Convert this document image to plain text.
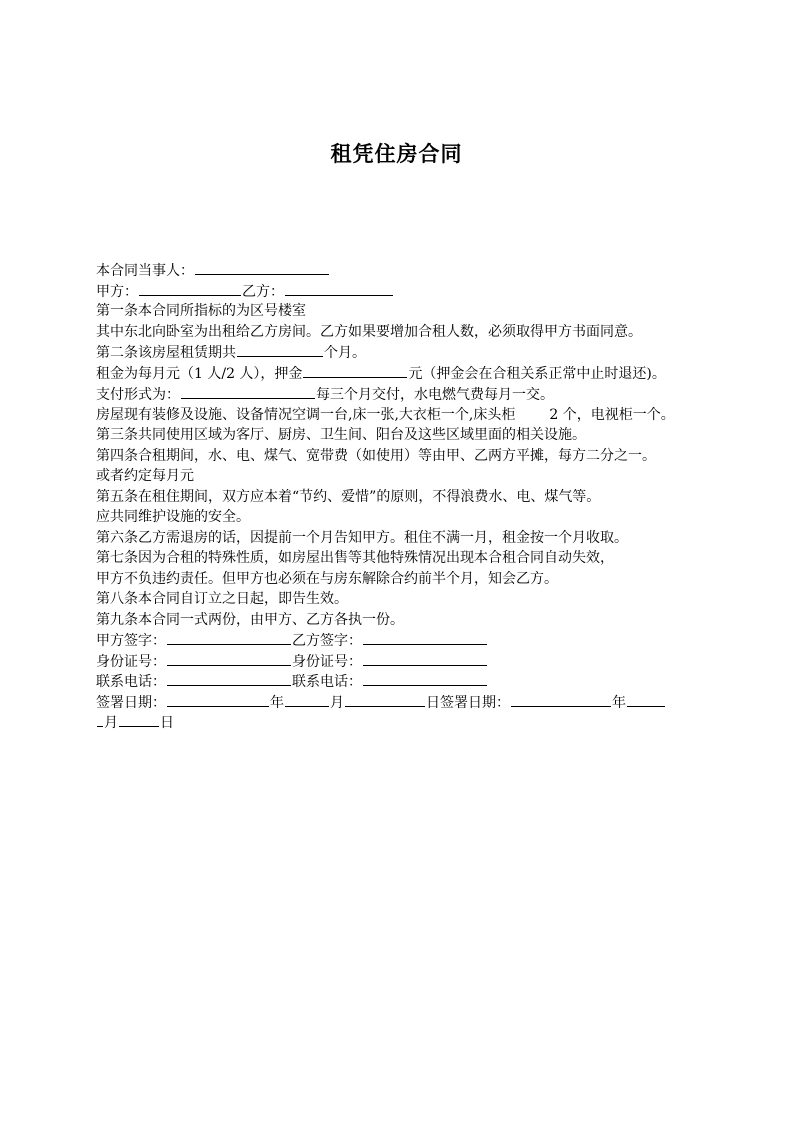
租凭住房合同
本合同当事人：
甲方：	乙方：
第一条本合同所指标的为区号楼室
其中东北向卧室为出租给乙方房间。乙方如果要增加合租人数，必须取得甲方书面同意。
第二条该房屋租赁期共	个月。
租金为每月元（1 人/2 人），押金	元（押金会在合租关系正常中止时退还)。
支付形式为：	每三个月交付，水电燃气费每月一交。
房屋现有装修及设施、设备情况空调一台,床一张,大衣柜一个,床头柜 2 个，电视柜一个。
第三条共同使用区域为客厅、厨房、卫生间、阳台及这些区域里面的相关设施。
第四条合租期间，水、电、煤气、宽带费（如使用）等由甲、乙两方平摊，每方二分之一。
或者约定每月元
第五条在租住期间，双方应本着“节约、爱惜”的原则，不得浪费水、电、煤气等。
应共同维护设施的安全。
第六条乙方需退房的话，因提前一个月告知甲方。租住不满一月，租金按一个月收取。
第七条因为合租的特殊性质，如房屋出售等其他特殊情况出现本合租合同自动失效，
甲方不负违约责任。但甲方也必须在与房东解除合约前半个月，知会乙方。
第八条本合同自订立之日起，即告生效。
第九条本合同一式两份，由甲方、乙方各执一份。
甲方签字：	乙方签字：
身份证号：	身份证号：
联系电话：	联系电话：
签署日期：	年	月	日签署日期：	年
月	日
